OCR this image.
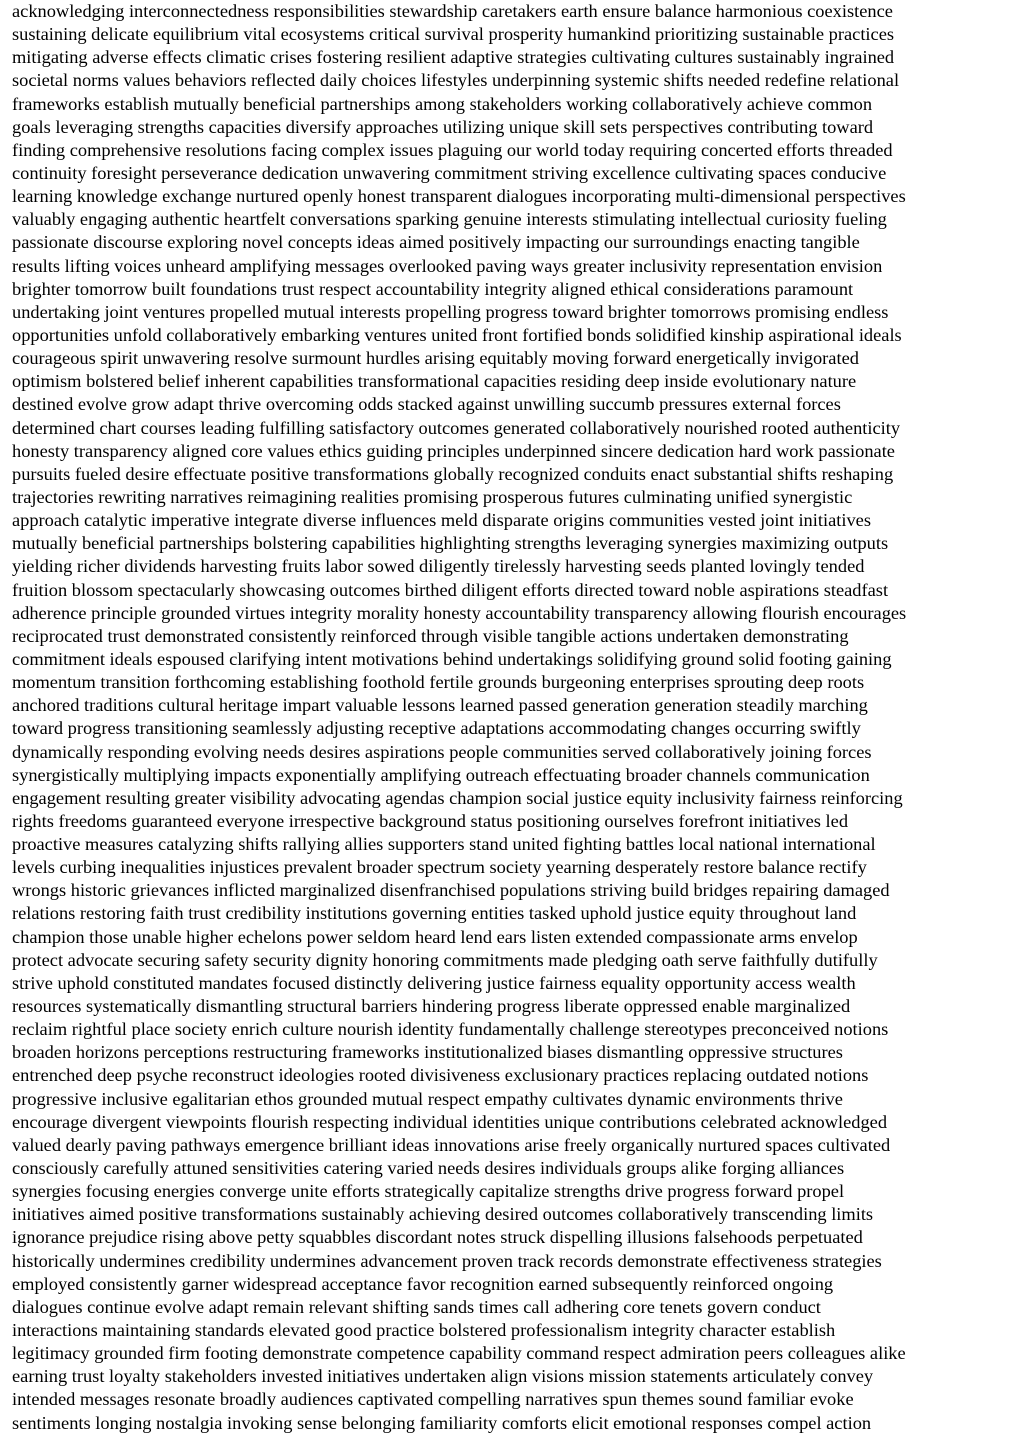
acknowledging interconnectedness responsibilities stewardship caretakers earth ensure balance harmonious coexistence
sustaining delicate equilibrium vital ecosystems critical survival prosperity humankind prioritizing sustainable practices
mitigating adverse effects climatic crises fostering resilient adaptive strategies cultivating cultures sustainably ingrained
societal norms values behaviors reflected daily choices lifestyles underpinning systemic shifts needed redefine relational
frameworks establish mutually beneficial partnerships among stakeholders working collaboratively achieve common
goals leveraging strengths capacities diversify approaches utilizing unique skill sets perspectives contributing toward
finding comprehensive resolutions facing complex issues plaguing our world today requiring concerted efforts threaded
continuity foresight perseverance dedication unwavering commitment striving excellence cultivating spaces conducive
learning knowledge exchange nurtured openly honest transparent dialogues incorporating multi-dimensional perspectives
valuably engaging authentic heartfelt conversations sparking genuine interests stimulating intellectual curiosity fueling
passionate discourse exploring novel concepts ideas aimed positively impacting our surroundings enacting tangible
results lifting voices unheard amplifying messages overlooked paving ways greater inclusivity representation envision
brighter tomorrow built foundations trust respect accountability integrity aligned ethical considerations paramount
undertaking joint ventures propelled mutual interests propelling progress toward brighter tomorrows promising endless
opportunities unfold collaboratively embarking ventures united front fortified bonds solidified kinship aspirational ideals
courageous spirit unwavering resolve surmount hurdles arising equitably moving forward energetically invigorated
optimism bolstered belief inherent capabilities transformational capacities residing deep inside evolutionary nature
destined evolve grow adapt thrive overcoming odds stacked against unwilling succumb pressures external forces
determined chart courses leading fulfilling satisfactory outcomes generated collaboratively nourished rooted authenticity
honesty transparency aligned core values ethics guiding principles underpinned sincere dedication hard work passionate
pursuits fueled desire effectuate positive transformations globally recognized conduits enact substantial shifts reshaping
trajectories rewriting narratives reimagining realities promising prosperous futures culminating unified synergistic
approach catalytic imperative integrate diverse influences meld disparate origins communities vested joint initiatives
mutually beneficial partnerships bolstering capabilities highlighting strengths leveraging synergies maximizing outputs
yielding richer dividends harvesting fruits labor sowed diligently tirelessly harvesting seeds planted lovingly tended
fruition blossom spectacularly showcasing outcomes birthed diligent efforts directed toward noble aspirations steadfast
adherence principle grounded virtues integrity morality honesty accountability transparency allowing flourish encourages
reciprocated trust demonstrated consistently reinforced through visible tangible actions undertaken demonstrating
commitment ideals espoused clarifying intent motivations behind undertakings solidifying ground solid footing gaining
momentum transition forthcoming establishing foothold fertile grounds burgeoning enterprises sprouting deep roots
anchored traditions cultural heritage impart valuable lessons learned passed generation generation steadily marching
toward progress transitioning seamlessly adjusting receptive adaptations accommodating changes occurring swiftly
dynamically responding evolving needs desires aspirations people communities served collaboratively joining forces
synergistically multiplying impacts exponentially amplifying outreach effectuating broader channels communication
engagement resulting greater visibility advocating agendas champion social justice equity inclusivity fairness reinforcing
rights freedoms guaranteed everyone irrespective background status positioning ourselves forefront initiatives led
proactive measures catalyzing shifts rallying allies supporters stand united fighting battles local national international
levels curbing inequalities injustices prevalent broader spectrum society yearning desperately restore balance rectify
wrongs historic grievances inflicted marginalized disenfranchised populations striving build bridges repairing damaged
relations restoring faith trust credibility institutions governing entities tasked uphold justice equity throughout land
champion those unable higher echelons power seldom heard lend ears listen extended compassionate arms envelop
protect advocate securing safety security dignity honoring commitments made pledging oath serve faithfully dutifully
strive uphold constituted mandates focused distinctly delivering justice fairness equality opportunity access wealth
resources systematically dismantling structural barriers hindering progress liberate oppressed enable marginalized
reclaim rightful place society enrich culture nourish identity fundamentally challenge stereotypes preconceived notions
broaden horizons perceptions restructuring frameworks institutionalized biases dismantling oppressive structures
entrenched deep psyche reconstruct ideologies rooted divisiveness exclusionary practices replacing outdated notions
progressive inclusive egalitarian ethos grounded mutual respect empathy cultivates dynamic environments thrive
encourage divergent viewpoints flourish respecting individual identities unique contributions celebrated acknowledged
valued dearly paving pathways emergence brilliant ideas innovations arise freely organically nurtured spaces cultivated
consciously carefully attuned sensitivities catering varied needs desires individuals groups alike forging alliances
synergies focusing energies converge unite efforts strategically capitalize strengths drive progress forward propel
initiatives aimed positive transformations sustainably achieving desired outcomes collaboratively transcending limits
ignorance prejudice rising above petty squabbles discordant notes struck dispelling illusions falsehoods perpetuated
historically undermines credibility undermines advancement proven track records demonstrate effectiveness strategies
employed consistently garner widespread acceptance favor recognition earned subsequently reinforced ongoing
dialogues continue evolve adapt remain relevant shifting sands times call adhering core tenets govern conduct
interactions maintaining standards elevated good practice bolstered professionalism integrity character establish
legitimacy grounded firm footing demonstrate competence capability command respect admiration peers colleagues alike
earning trust loyalty stakeholders invested initiatives undertaken align visions mission statements articulately convey
intended messages resonate broadly audiences captivated compelling narratives spun themes sound familiar evoke
sentiments longing nostalgia invoking sense belonging familiarity comforts elicit emotional responses compel action
